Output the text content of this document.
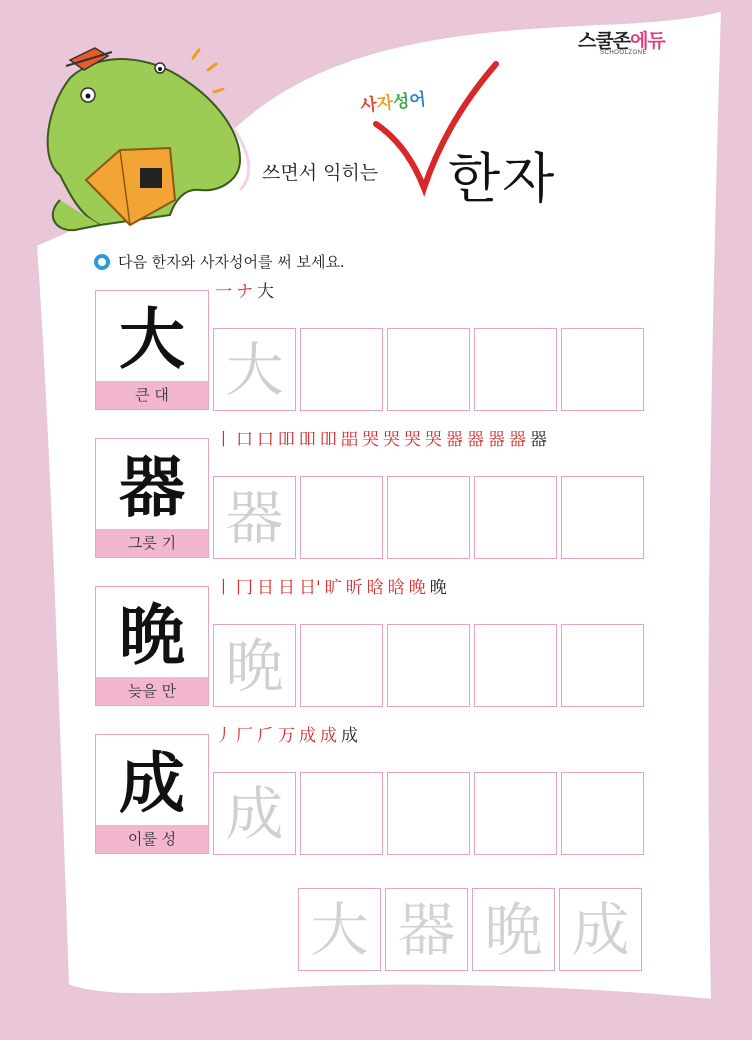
스쿨존에듀
SCHOOLZONE
사자성어
쓰면서 익히는 한자
다음 한자와 사자성어를 써 보세요.
大
큰 대
一 ナ 大
大
器
그릇 기
丨 口 口 吅 吅 吅 㗊 哭 哭 哭 哭 器 器 器 器 器
器
晩
늦을 만
丨 冂 日 日 日' 旷 昕 晗 晗 晚 晚
晩
成
이룰 성
丿 厂 𠂆 万 成 成 成
成
大 器 晩 成
